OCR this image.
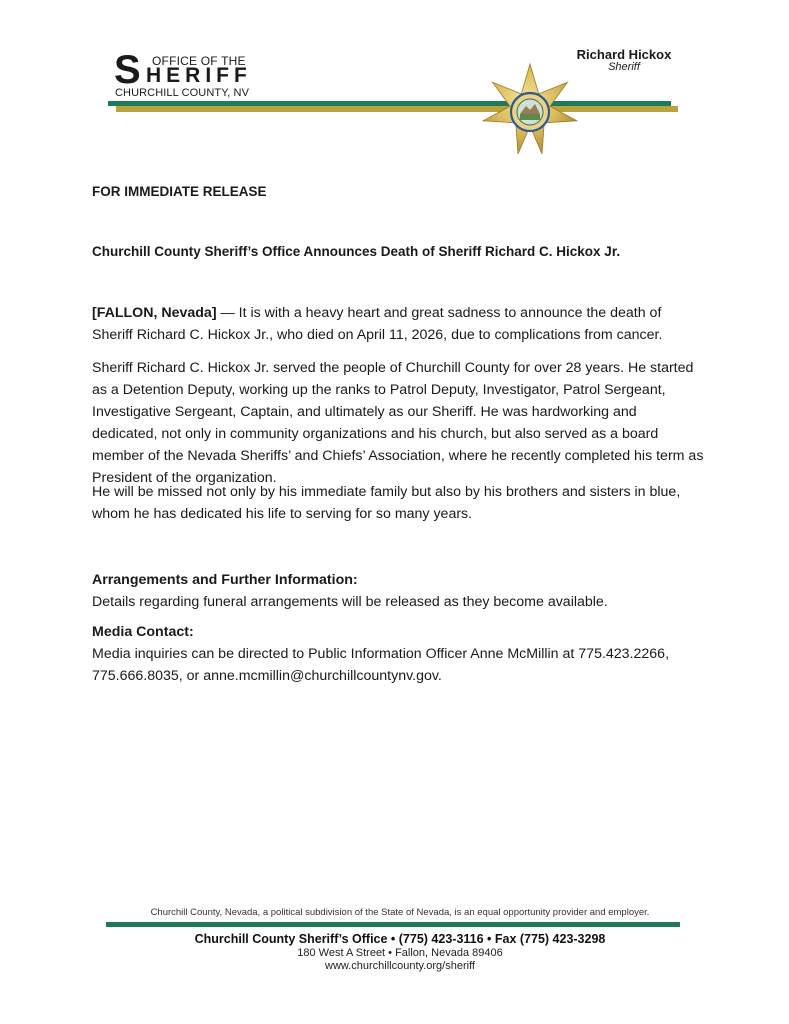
S OFFICE OF THE
HERIFF
CHURCHILL COUNTY, NV
Richard Hickox
Sheriff
FOR IMMEDIATE RELEASE
Churchill County Sheriff’s Office Announces Death of Sheriff Richard C. Hickox Jr.

[FALLON, Nevada] — It is with a heavy heart and great sadness to announce the death of Sheriff Richard C. Hickox Jr., who died on April 11, 2026, due to complications from cancer.

Sheriff Richard C. Hickox Jr. served the people of Churchill County for over 28 years. He started as a Detention Deputy, working up the ranks to Patrol Deputy, Investigator, Patrol Sergeant, Investigative Sergeant, Captain, and ultimately as our Sheriff. He was hardworking and dedicated, not only in community organizations and his church, but also served as a board member of the Nevada Sheriffs’ and Chiefs’ Association, where he recently completed his term as President of the organization.

He will be missed not only by his immediate family but also by his brothers and sisters in blue, whom he has dedicated his life to serving for so many years.

Arrangements and Further Information:
Details regarding funeral arrangements will be released as they become available.
Media Contact:
Media inquiries can be directed to Public Information Officer Anne McMillin at 775.423.2266, 775.666.8035, or anne.mcmillin@churchillcountynv.gov.
Churchill County, Nevada, a political subdivision of the State of Nevada, is an equal opportunity provider and employer.
Churchill County Sheriff’s Office • (775) 423-3116 • Fax (775) 423-3298
180 West A Street • Fallon, Nevada 89406
www.churchillcounty.org/sheriff
